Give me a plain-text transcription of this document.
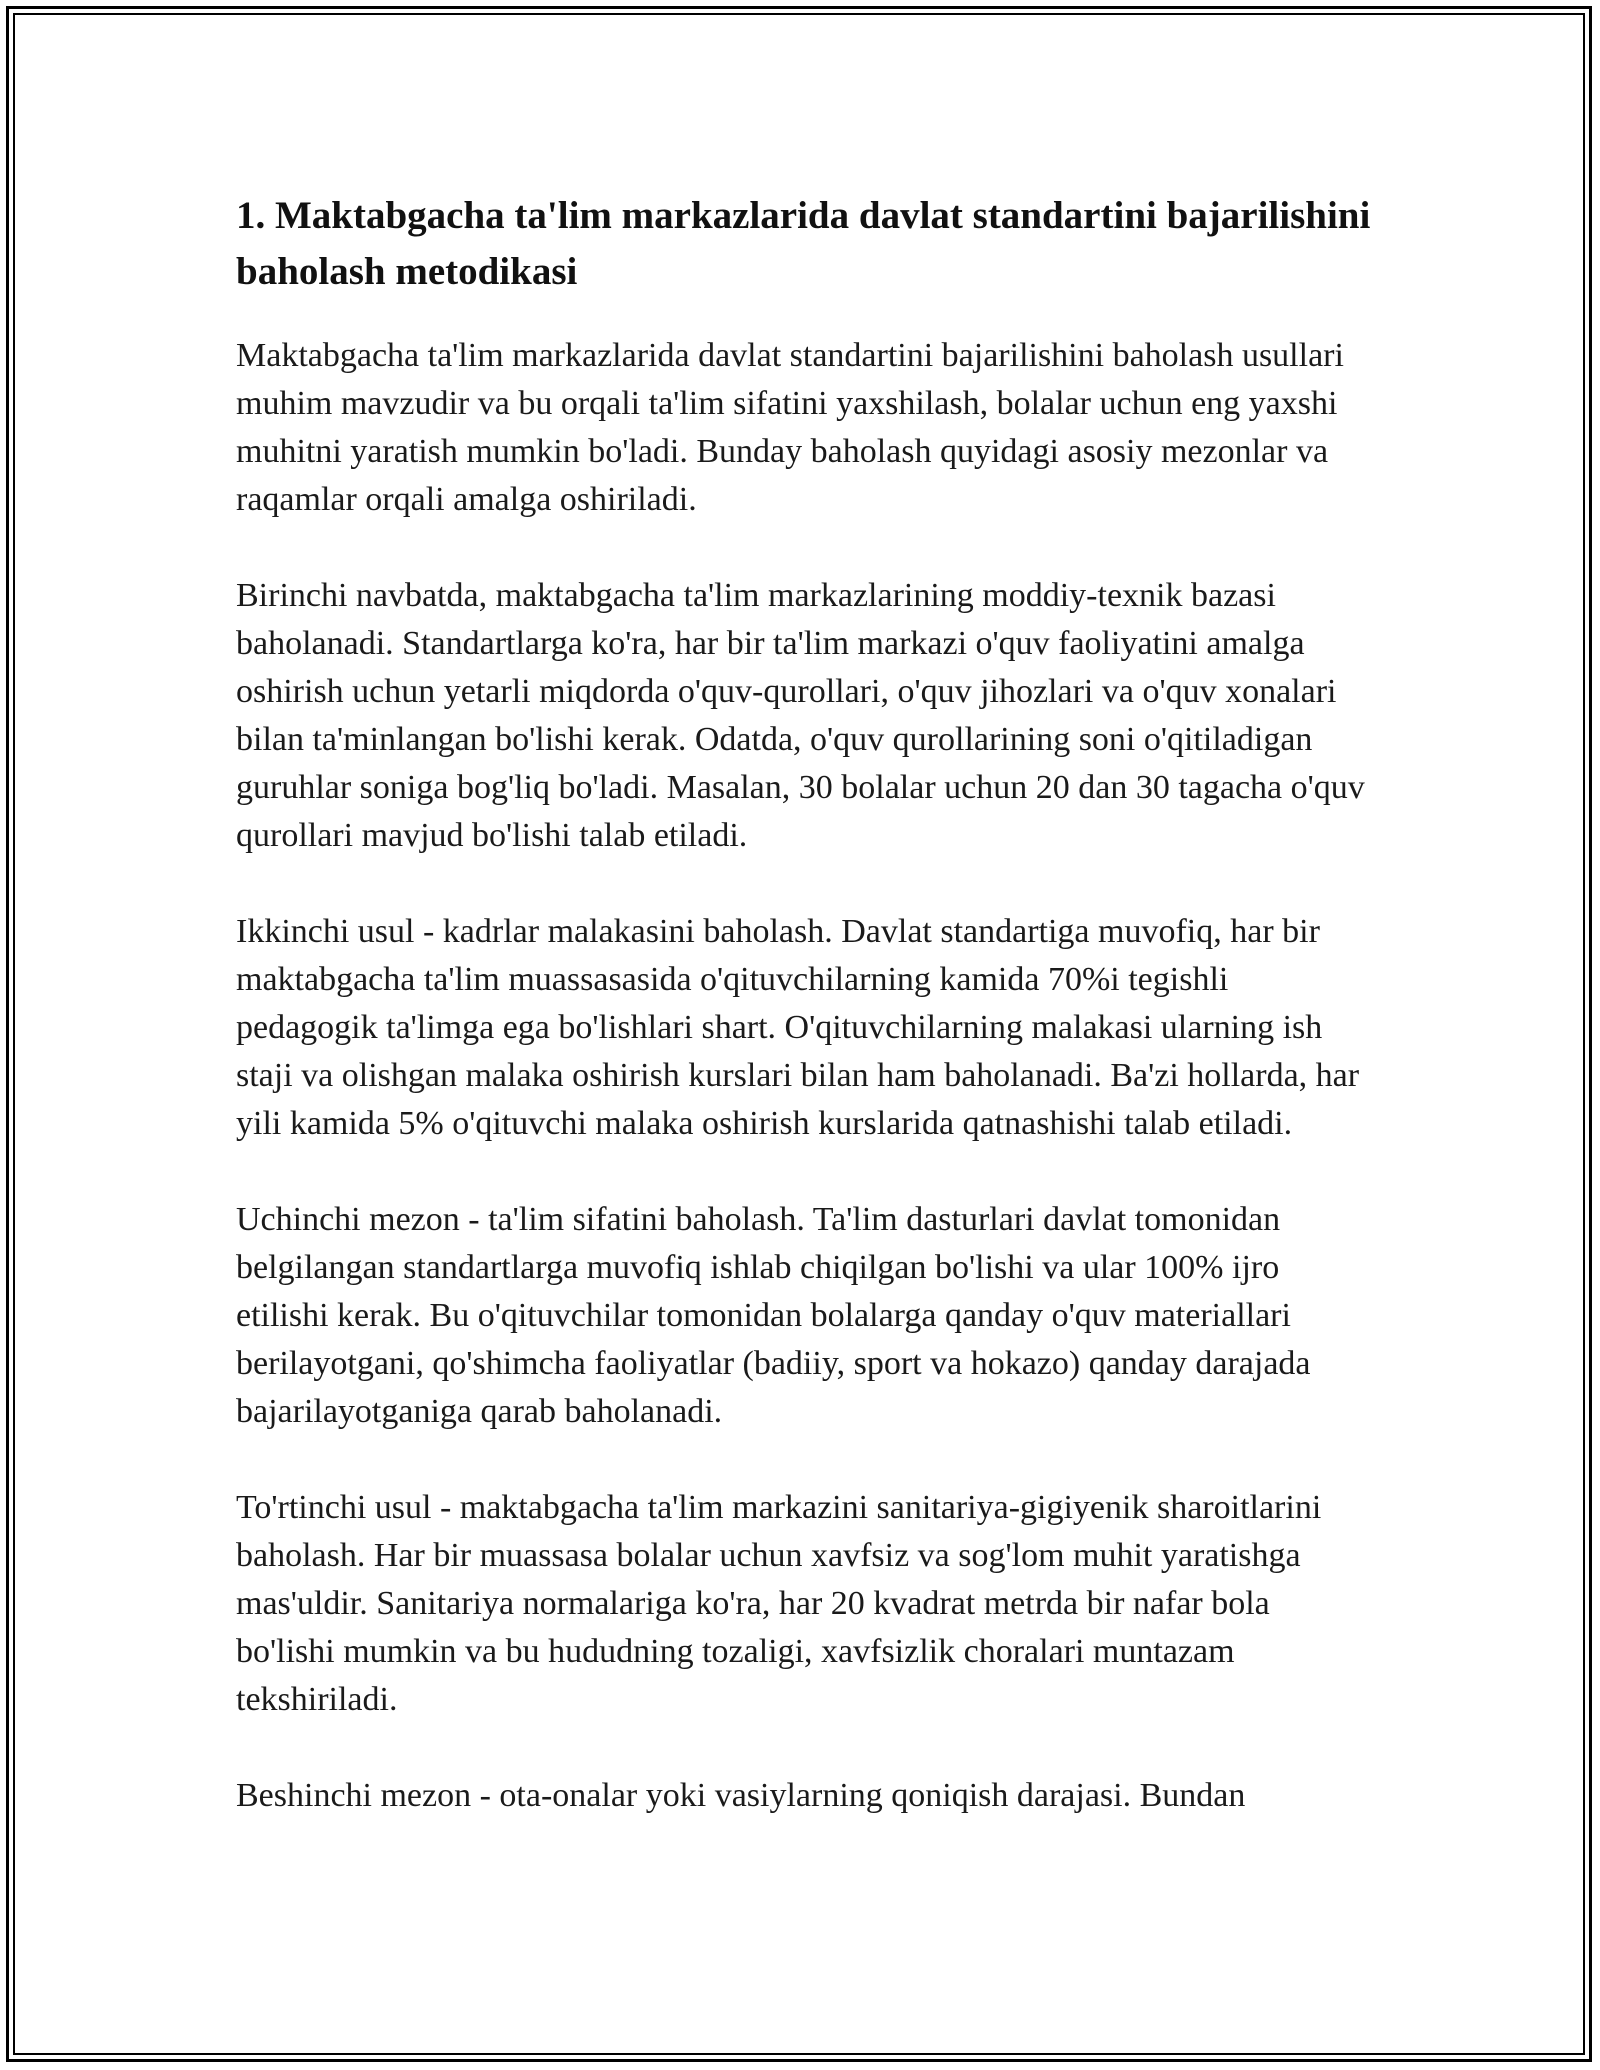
1. Maktabgacha ta'lim markazlarida davlat standartini bajarilishini baholash metodikasi

Maktabgacha ta'lim markazlarida davlat standartini bajarilishini baholash usullari muhim mavzudir va bu orqali ta'lim sifatini yaxshilash, bolalar uchun eng yaxshi muhitni yaratish mumkin bo'ladi. Bunday baholash quyidagi asosiy mezonlar va raqamlar orqali amalga oshiriladi.

Birinchi navbatda, maktabgacha ta'lim markazlarining moddiy-texnik bazasi baholanadi. Standartlarga ko'ra, har bir ta'lim markazi o'quv faoliyatini amalga oshirish uchun yetarli miqdorda o'quv-qurollari, o'quv jihozlari va o'quv xonalari bilan ta'minlangan bo'lishi kerak. Odatda, o'quv qurollarining soni o'qitiladigan guruhlar soniga bog'liq bo'ladi. Masalan, 30 bolalar uchun 20 dan 30 tagacha o'quv qurollari mavjud bo'lishi talab etiladi.

Ikkinchi usul - kadrlar malakasini baholash. Davlat standartiga muvofiq, har bir maktabgacha ta'lim muassasasida o'qituvchilarning kamida 70%i tegishli pedagogik ta'limga ega bo'lishlari shart. O'qituvchilarning malakasi ularning ish staji va olishgan malaka oshirish kurslari bilan ham baholanadi. Ba'zi hollarda, har yili kamida 5% o'qituvchi malaka oshirish kurslarida qatnashishi talab etiladi.

Uchinchi mezon - ta'lim sifatini baholash. Ta'lim dasturlari davlat tomonidan belgilangan standartlarga muvofiq ishlab chiqilgan bo'lishi va ular 100% ijro etilishi kerak. Bu o'qituvchilar tomonidan bolalarga qanday o'quv materiallari berilayotgani, qo'shimcha faoliyatlar (badiiy, sport va hokazo) qanday darajada bajarilayotganiga qarab baholanadi.

To'rtinchi usul - maktabgacha ta'lim markazini sanitariya-gigiyenik sharoitlarini baholash. Har bir muassasa bolalar uchun xavfsiz va sog'lom muhit yaratishga mas'uldir. Sanitariya normalariga ko'ra, har 20 kvadrat metrda bir nafar bola bo'lishi mumkin va bu hududning tozaligi, xavfsizlik choralari muntazam tekshiriladi.

Beshinchi mezon - ota-onalar yoki vasiylarning qoniqish darajasi. Bundan
